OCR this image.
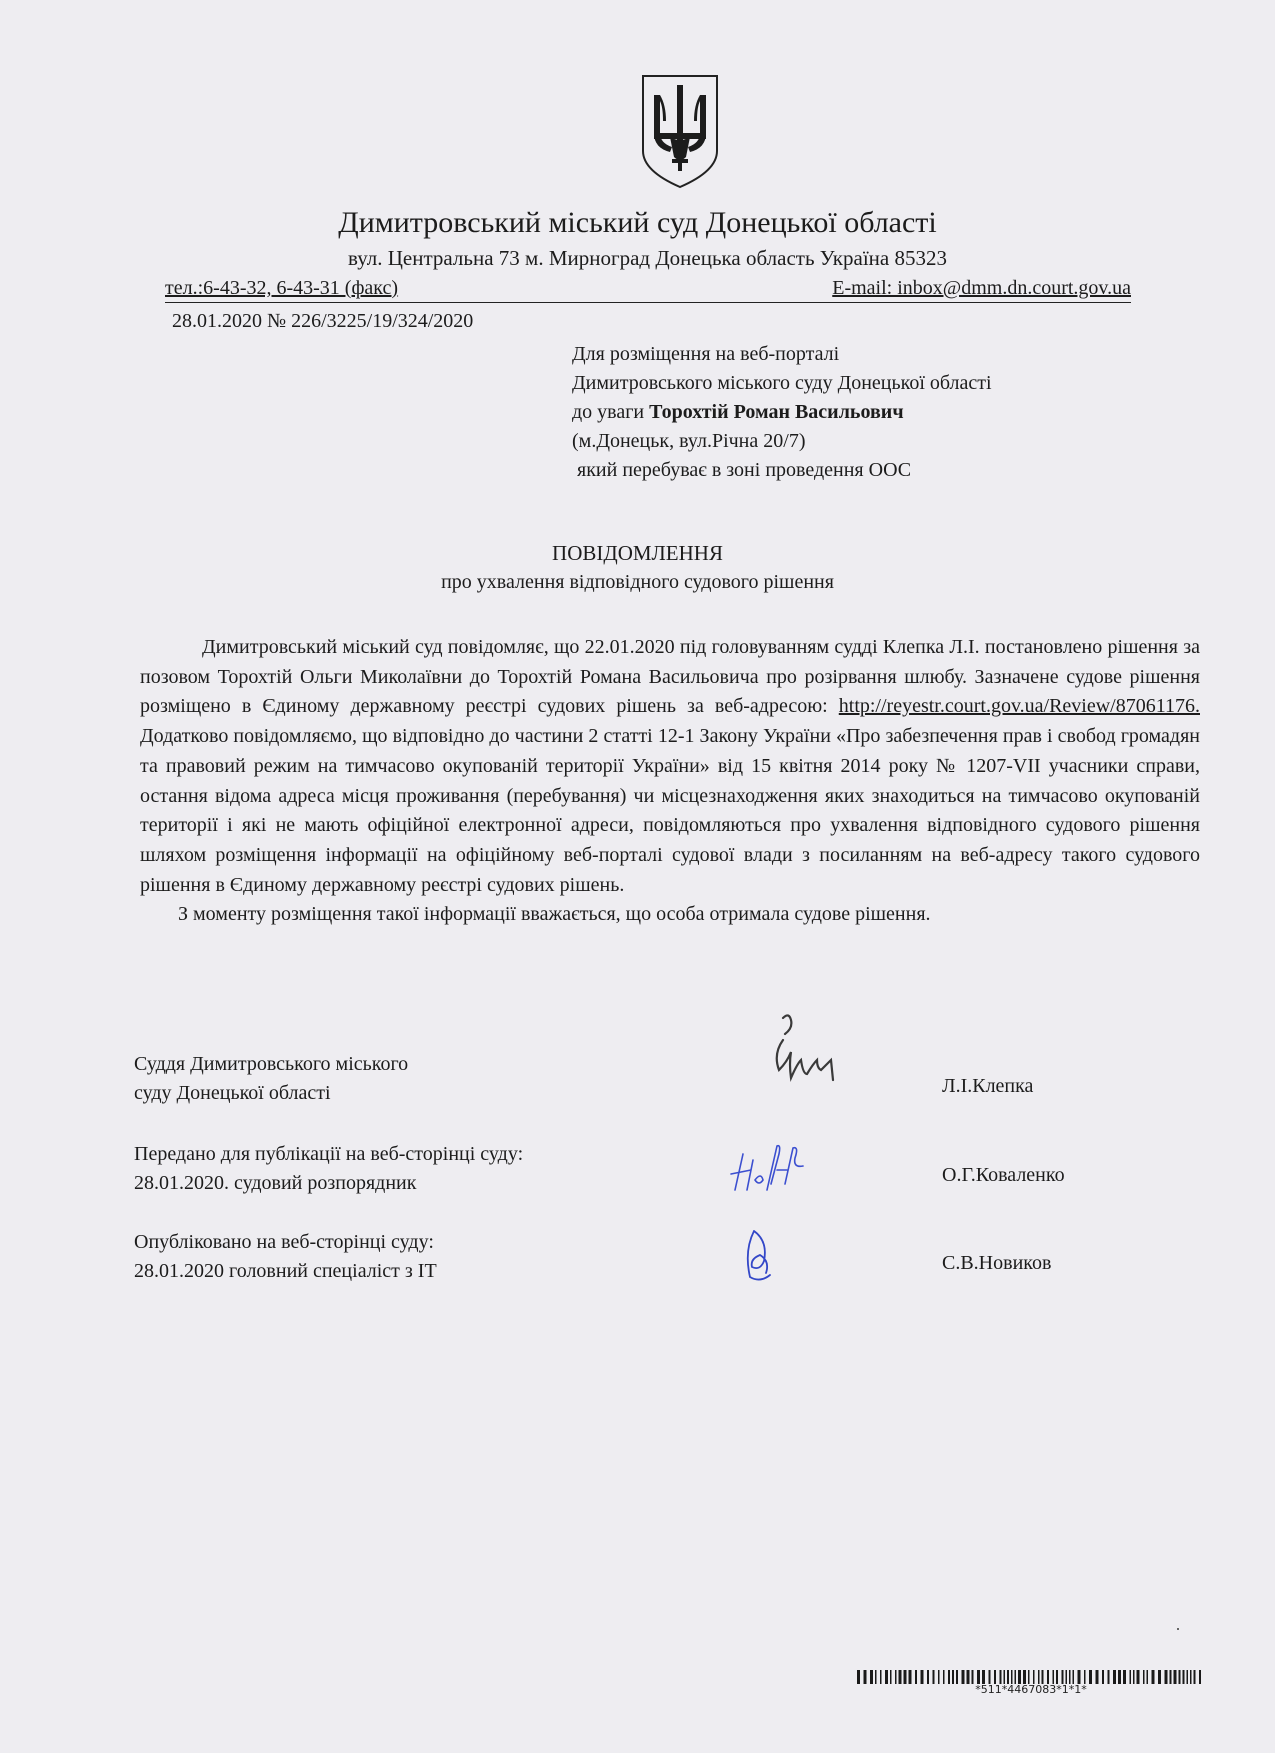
Димитровський міський суд Донецької області
вул. Центральна 73 м. Мирноград Донецька область Україна 85323
тел.:6-43-32, 6-43-31 (факс)	E-mail: inbox@dmm.dn.court.gov.ua
28.01.2020 № 226/3225/19/324/2020
Для розміщення на веб-порталі
Димитровського міського суду Донецької області
до уваги Торохтій Роман Васильович
(м.Донецьк, вул.Річна 20/7)
який перебуває в зоні проведення ООС
ПОВІДОМЛЕННЯ
про ухвалення відповідного судового рішення

Димитровський міський суд повідомляє, що 22.01.2020 під головуванням судді Клепка Л.І. постановлено рішення за позовом Торохтій Ольги Миколаївни до Торохтій Романа Васильовича про розірвання шлюбу. Зазначене судове рішення розміщено в Єдиному державному реєстрі судових рішень за веб-адресою: http://reyestr.court.gov.ua/Review/87061176. Додатково повідомляємо, що відповідно до частини 2 статті 12-1 Закону України «Про забезпечення прав і свобод громадян та правовий режим на тимчасово окупованій території України» від 15 квітня 2014 року № 1207-VII учасники справи, остання відома адреса місця проживання (перебування) чи місцезнаходження яких знаходиться на тимчасово окупованій території і які не мають офіційної електронної адреси, повідомляються про ухвалення відповідного судового рішення шляхом розміщення інформації на офіційному веб-порталі судової влади з посиланням на веб-адресу такого судового рішення в Єдиному державному реєстрі судових рішень.

З моменту розміщення такої інформації вважається, що особа отримала судове рішення.

Суддя Димитровського міського
суду Донецької області	Л.І.Клепка
Передано для публікації на веб-сторінці суду:
28.01.2020. судовий розпорядник	О.Г.Коваленко
Опубліковано на веб-сторінці суду:
28.01.2020 головний спеціаліст з ІТ	С.В.Новиков
*511*4467083*1*1*
